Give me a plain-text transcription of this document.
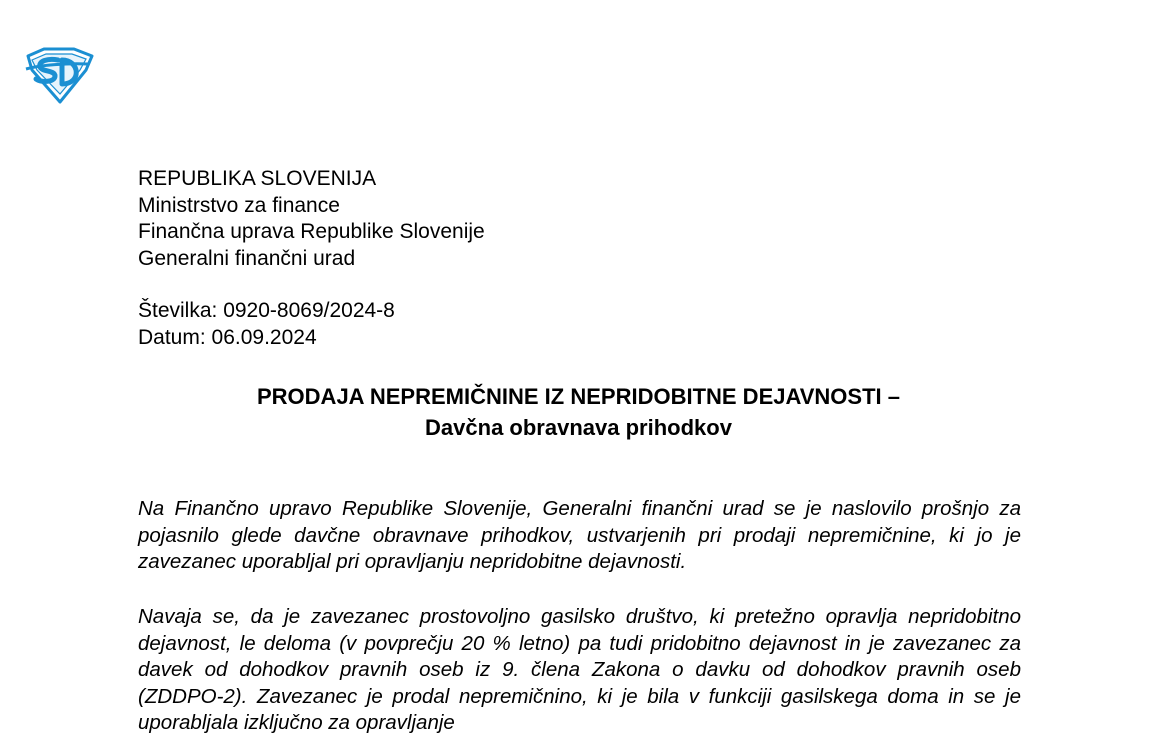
REPUBLIKA SLOVENIJA
Ministrstvo za finance
Finančna uprava Republike Slovenije
Generalni finančni urad
Številka: 0920-8069/2024-8
Datum: 06.09.2024
PRODAJA NEPREMIČNINE IZ NEPRIDOBITNE DEJAVNOSTI –
Davčna obravnava prihodkov

Na Finančno upravo Republike Slovenije, Generalni finančni urad se je naslovilo prošnjo za pojasnilo glede davčne obravnave prihodkov, ustvarjenih pri prodaji nepremičnine, ki jo je zavezanec uporabljal pri opravljanju nepridobitne dejavnosti.

Navaja se, da je zavezanec prostovoljno gasilsko društvo, ki pretežno opravlja nepridobitno dejavnost, le deloma (v povprečju 20 % letno) pa tudi pridobitno dejavnost in je zavezanec za davek od dohodkov pravnih oseb iz 9. člena Zakona o davku od dohodkov pravnih oseb (ZDDPO-2). Zavezanec je prodal nepremičnino, ki je bila v funkciji gasilskega doma in se je uporabljala izključno za opravljanje
